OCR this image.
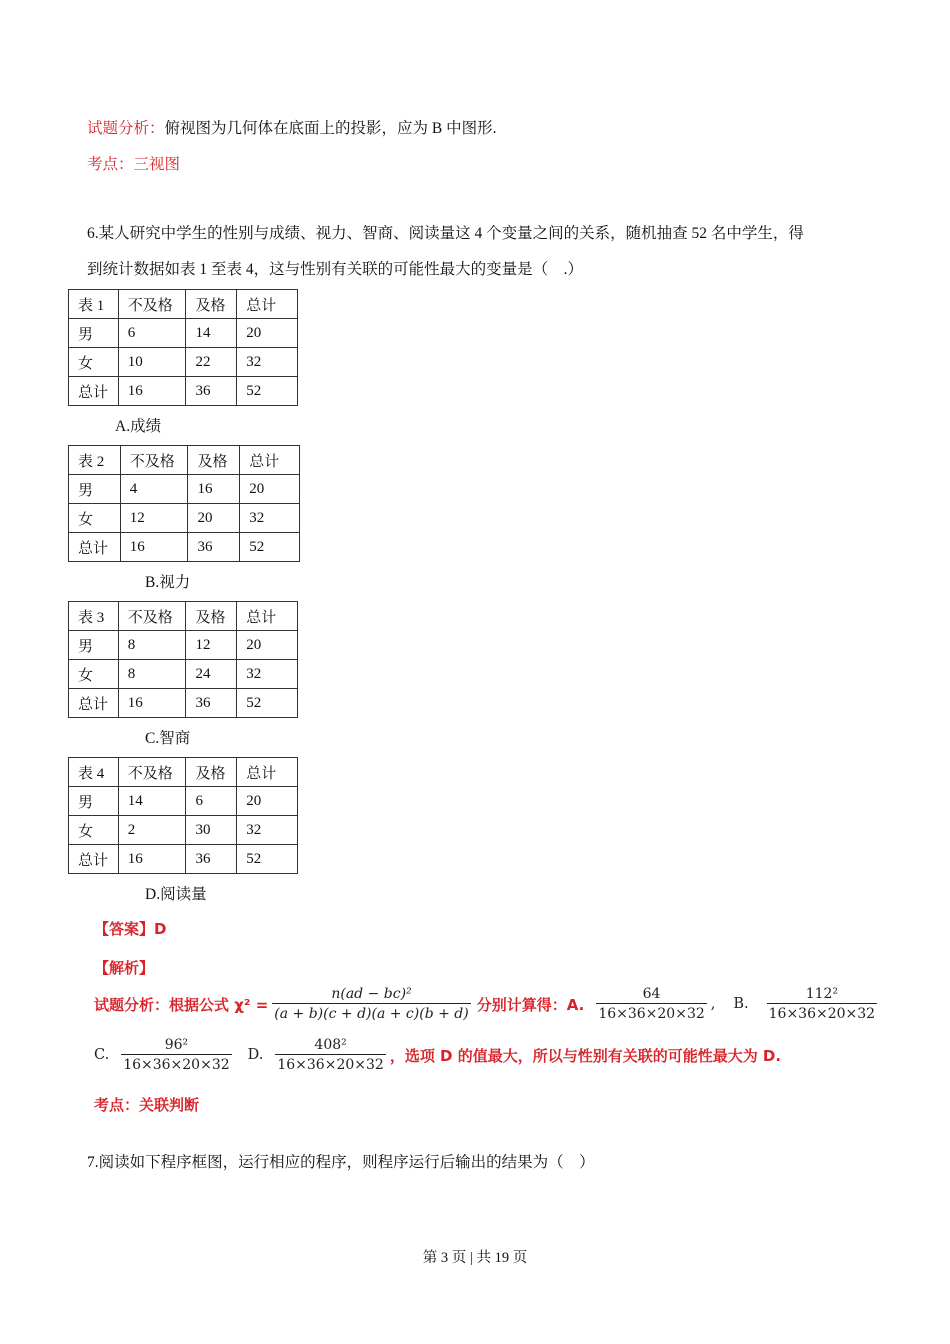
试题分析：俯视图为几何体在底面上的投影，应为 B 中图形.
考点：三视图
6.某人研究中学生的性别与成绩、视力、智商、阅读量这 4 个变量之间的关系，随机抽查 52 名中学生，得
到统计数据如表 1 至表 4，这与性别有关联的可能性最大的变量是（　.）
表 1	不及格	及格	总计
男	6	14	20
女	10	22	32
总计	16	36	52
A.成绩
表 2	不及格	及格	总计
男	4	16	20
女	12	20	32
总计	16	36	52
B.视力
表 3	不及格	及格	总计
男	8	12	20
女	8	24	32
总计	16	36	52
C.智商
表 4	不及格	及格	总计
男	14	6	20
女	2	30	32
总计	16	36	52
D.阅读量
【答案】D
【解析】
试题分析：根据公式 $\chi^2 = \frac{\text{n(ad − bc)²}}{(a + b)(c + d)(a + c)(b + d)}$ 分别计算得：A. $\frac{64}{16\times 36\times 20\times 32}$ , B. $\frac{\text{112²}}{16\times 36\times 20\times 32}$
C. $\frac{\text{96²}}{16\times 36\times 20\times 32} D$. $\frac{\text{408²}}{16\times 36\times 20\times 32}$ ，选项 D 的值最大，所以与性别有关联的可能性最大为 D.
考点：关联判断
7.阅读如下程序框图，运行相应的程序，则程序运行后输出的结果为（　）
第 3 页 | 共 19 页
